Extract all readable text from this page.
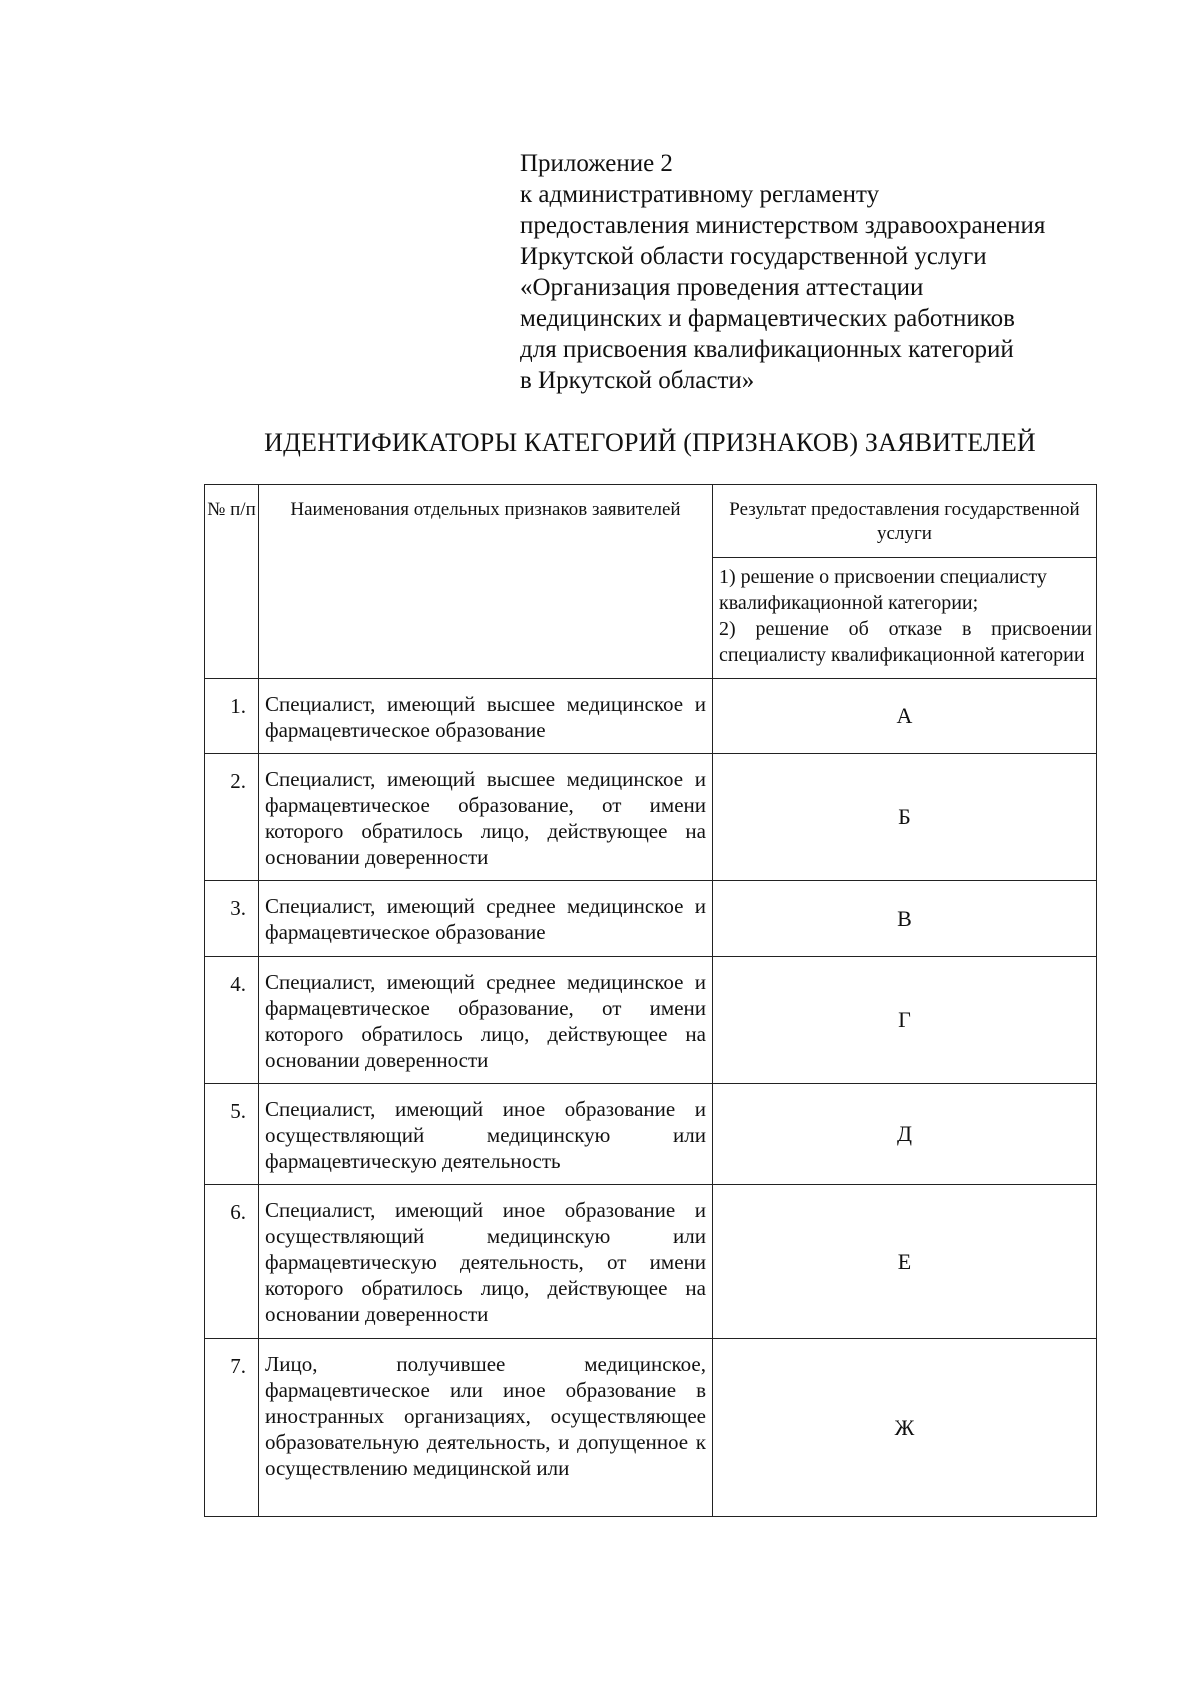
Приложение 2
к административному регламенту
предоставления министерством здравоохранения
Иркутской области государственной услуги
«Организация проведения аттестации
медицинских и фармацевтических работников
для присвоения квалификационных категорий
в Иркутской области»
ИДЕНТИФИКАТОРЫ КАТЕГОРИЙ (ПРИЗНАКОВ) ЗАЯВИТЕЛЕЙ
№ п/п	Наименования отдельных признаков заявителей	Результат предоставления государственной услуги

		1) решение о присвоении специалисту квалификационной категории;
2) решение об отказе в присвоении специалисту квалификационной категории
1.	Специалист, имеющий высшее медицинское и фармацевтическое образование	А
2.	Специалист, имеющий высшее медицинское и фармацевтическое образование, от имени которого обратилось лицо, действующее на основании доверенности	Б
3.	Специалист, имеющий среднее медицинское и фармацевтическое образование	В
4.	Специалист, имеющий среднее медицинское и фармацевтическое образование, от имени которого обратилось лицо, действующее на основании доверенности	Г
5.	Специалист, имеющий иное образование и осуществляющий медицинскую или фармацевтическую деятельность	Д
6.	Специалист, имеющий иное образование и осуществляющий медицинскую или фармацевтическую деятельность, от имени которого обратилось лицо, действующее на основании доверенности	Е
7.	Лицо, получившее медицинское, фармацевтическое или иное образование в иностранных организациях, осуществляющее образовательную деятельность, и допущенное к осуществлению медицинской или	Ж
